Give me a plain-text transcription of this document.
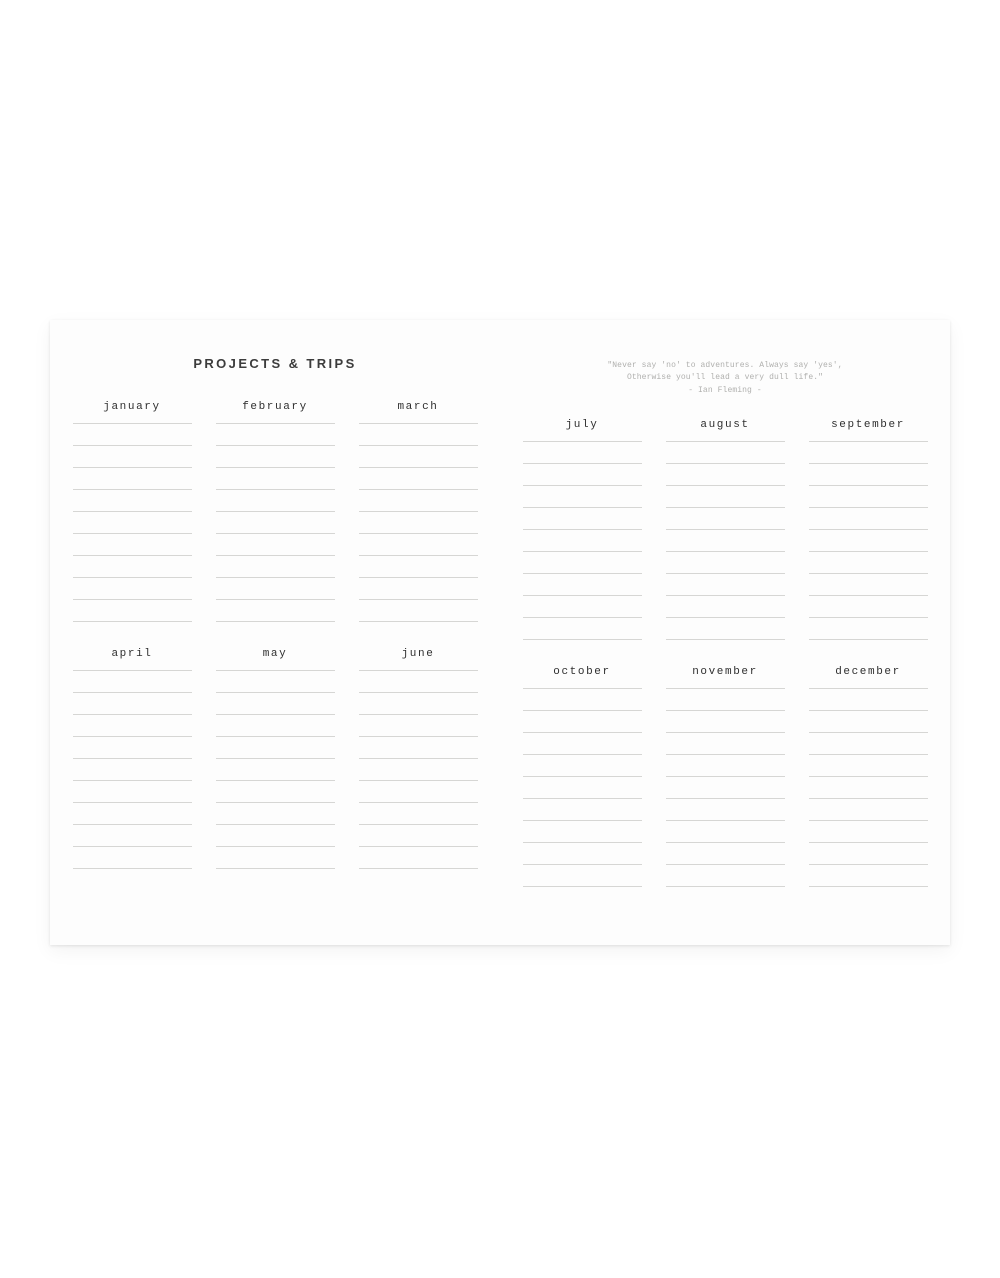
PROJECTS & TRIPS
january	february	march
april	may	june
"Never say 'no' to adventures. Always say 'yes',
Otherwise you'll lead a very dull life."
- Ian Fleming -
july	august	september
october	november	december
